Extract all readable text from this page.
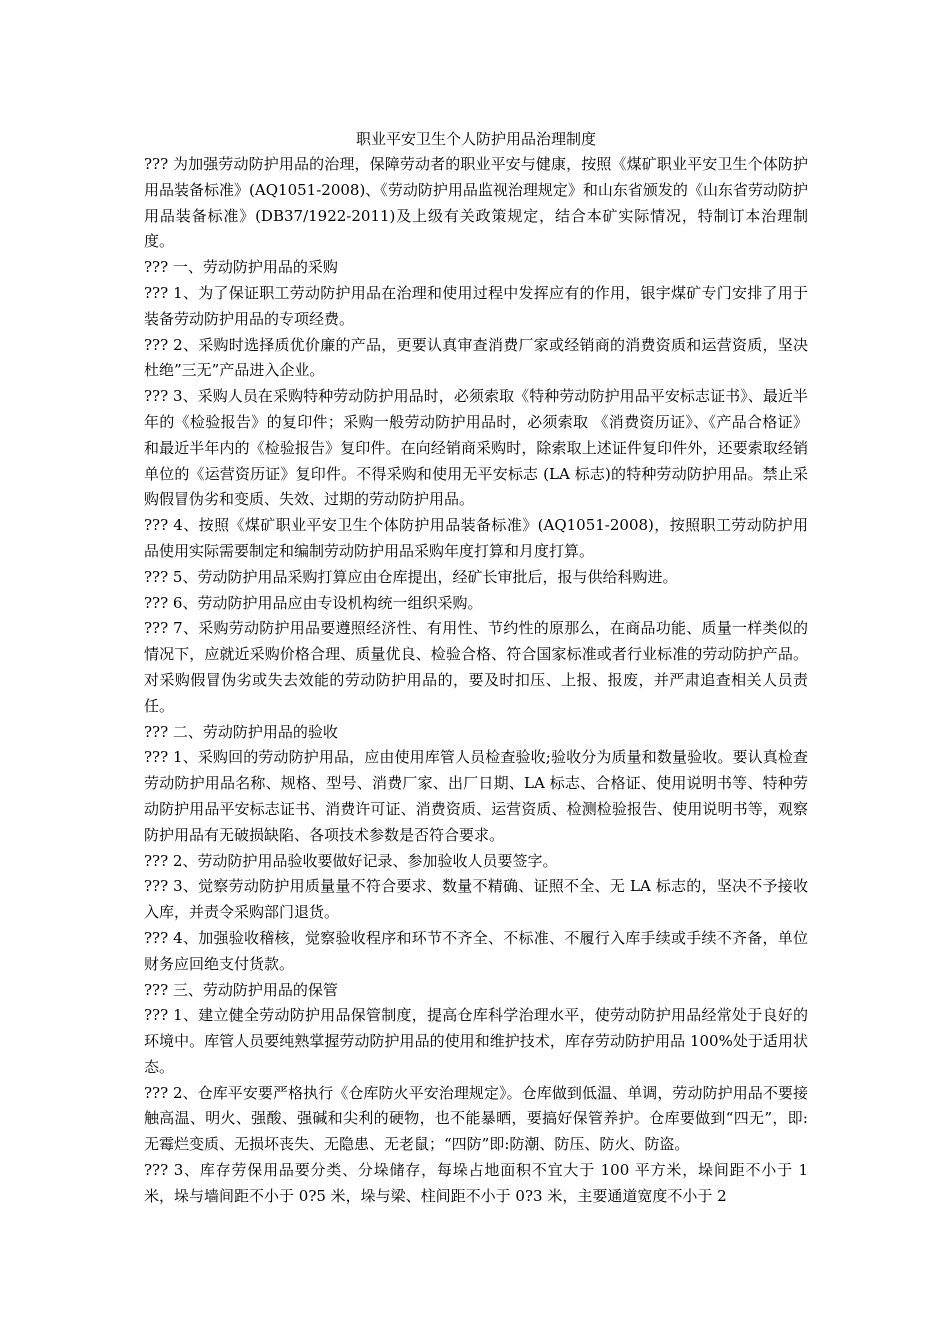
职业平安卫生个人防护用品治理制度

??? 为加强劳动防护用品的治理，保障劳动者的职业平安与健康，按照《煤矿职业平安卫生个体防护用品装备标准》(AQ1051-2008)、《劳动防护用品监视治理规定》和山东省颁发的《山东省劳动防护用品装备标准》(DB37/1922-2011)及上级有关政策规定，结合本矿实际情况，特制订本治理制度。

??? 一、劳动防护用品的采购

??? 1、为了保证职工劳动防护用品在治理和使用过程中发挥应有的作用，银宇煤矿专门安排了用于装备劳动防护用品的专项经费。

??? 2、采购时选择质优价廉的产品，更要认真审查消费厂家或经销商的消费资质和运营资质，坚决杜绝”三无”产品进入企业。

??? 3、采购人员在采购特种劳动防护用品时，必须索取《特种劳动防护用品平安标志证书》、最近半年的《检验报告》的复印件；采购一般劳动防护用品时，必须索取 《消费资历证》、《产品合格证》和最近半年内的《检验报告》复印件。在向经销商采购时，除索取上述证件复印件外，还要索取经销单位的《运营资历证》复印件。不得采购和使用无平安标志 (LA 标志)的特种劳动防护用品。禁止采购假冒伪劣和变质、失效、过期的劳动防护用品。

??? 4、按照《煤矿职业平安卫生个体防护用品装备标准》(AQ1051-2008)，按照职工劳动防护用品使用实际需要制定和编制劳动防护用品采购年度打算和月度打算。

??? 5、劳动防护用品采购打算应由仓库提出，经矿长审批后，报与供给科购进。

??? 6、劳动防护用品应由专设机构统一组织采购。

??? 7、采购劳动防护用品要遵照经济性、有用性、节约性的原那么，在商品功能、质量一样类似的情况下，应就近采购价格合理、质量优良、检验合格、符合国家标准或者行业标准的劳动防护产品。对采购假冒伪劣或失去效能的劳动防护用品的，要及时扣压、上报、报废，并严肃追查相关人员责任。

??? 二、劳动防护用品的验收

??? 1、采购回的劳动防护用品，应由使用库管人员检查验收;验收分为质量和数量验收。要认真检查劳动防护用品名称、规格、型号、消费厂家、出厂日期、LA 标志、合格证、使用说明书等、特种劳动防护用品平安标志证书、消费许可证、消费资质、运营资质、检测检验报告、使用说明书等，观察防护用品有无破损缺陷、各项技术参数是否符合要求。

??? 2、劳动防护用品验收要做好记录、参加验收人员要签字。

??? 3、觉察劳动防护用质量量不符合要求、数量不精确、证照不全、无 LA 标志的，坚决不予接收入库，并责令采购部门退货。

??? 4、加强验收稽核，觉察验收程序和环节不齐全、不标准、不履行入库手续或手续不齐备，单位财务应回绝支付货款。

??? 三、劳动防护用品的保管

??? 1、建立健全劳动防护用品保管制度，提高仓库科学治理水平，使劳动防护用品经常处于良好的环境中。库管人员要纯熟掌握劳动防护用品的使用和维护技术，库存劳动防护用品 100%处于适用状态。

??? 2、仓库平安要严格执行《仓库防火平安治理规定》。仓库做到低温、单调，劳动防护用品不要接触高温、明火、强酸、强碱和尖利的硬物，也不能暴晒，要搞好保管养护。仓库要做到“四无”，即:无霉烂变质、无损坏丧失、无隐患、无老鼠；“四防”即:防潮、防压、防火、防盗。

??? 3、库存劳保用品要分类、分垛储存，每垛占地面积不宜大于 100 平方米，垛间距不小于 1 米，垛与墙间距不小于 0?5 米，垛与梁、柱间距不小于 0?3 米，主要通道宽度不小于 2
